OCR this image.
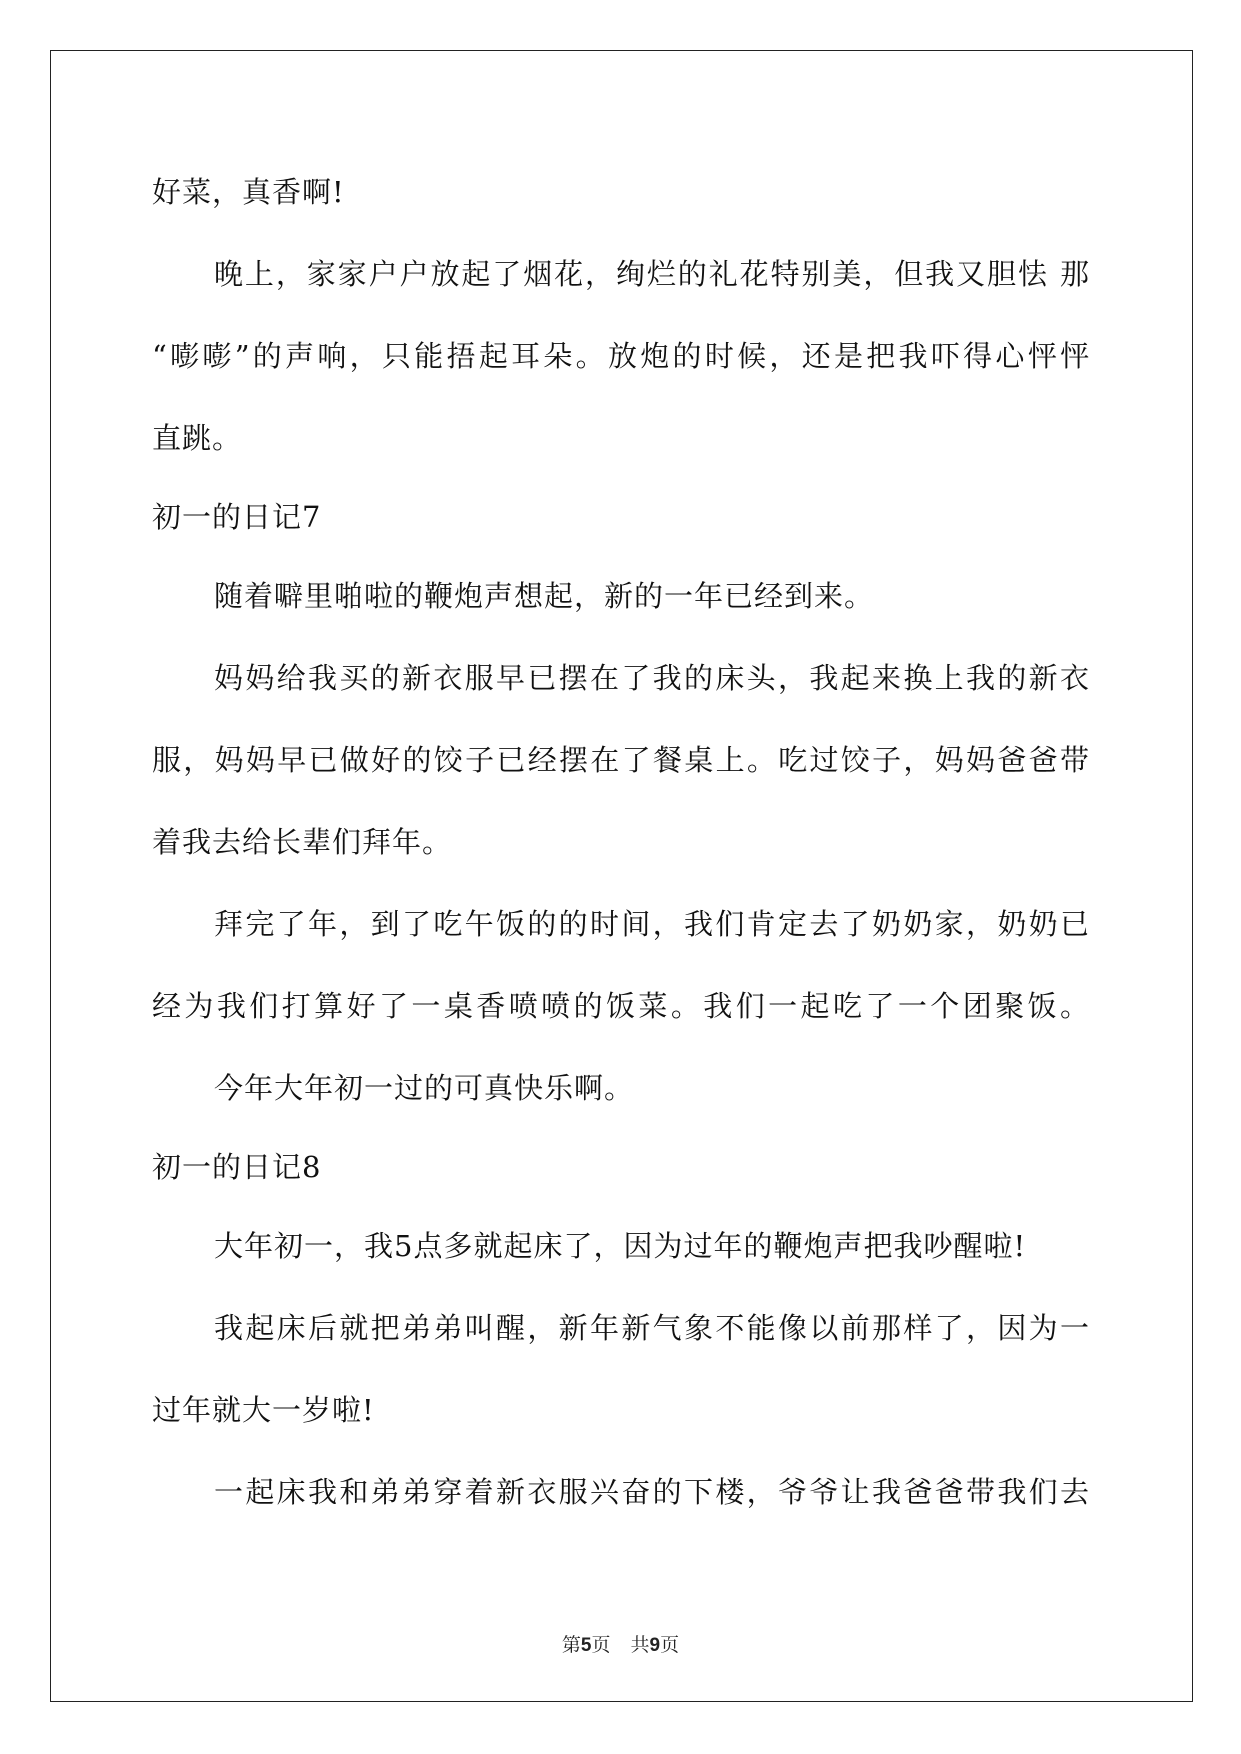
好菜，真香啊!
晚上，家家户户放起了烟花，绚烂的礼花特别美，但我又胆怯 那
“嘭嘭”的声响，只能捂起耳朵。放炮的时候，还是把我吓得心怦怦
直跳。
初一的日记7
随着噼里啪啦的鞭炮声想起，新的一年已经到来。
妈妈给我买的新衣服早已摆在了我的床头，我起来换上我的新衣
服，妈妈早已做好的饺子已经摆在了餐桌上。吃过饺子，妈妈爸爸带
着我去给长辈们拜年。
拜完了年，到了吃午饭的的时间，我们肯定去了奶奶家，奶奶已
经为我们打算好了一桌香喷喷的饭菜。我们一起吃了一个团聚饭。
今年大年初一过的可真快乐啊。
初一的日记8
大年初一，我5点多就起床了，因为过年的鞭炮声把我吵醒啦!
我起床后就把弟弟叫醒，新年新气象不能像以前那样了，因为一
过年就大一岁啦!
一起床我和弟弟穿着新衣服兴奋的下楼，爷爷让我爸爸带我们去
第5页 共9页
